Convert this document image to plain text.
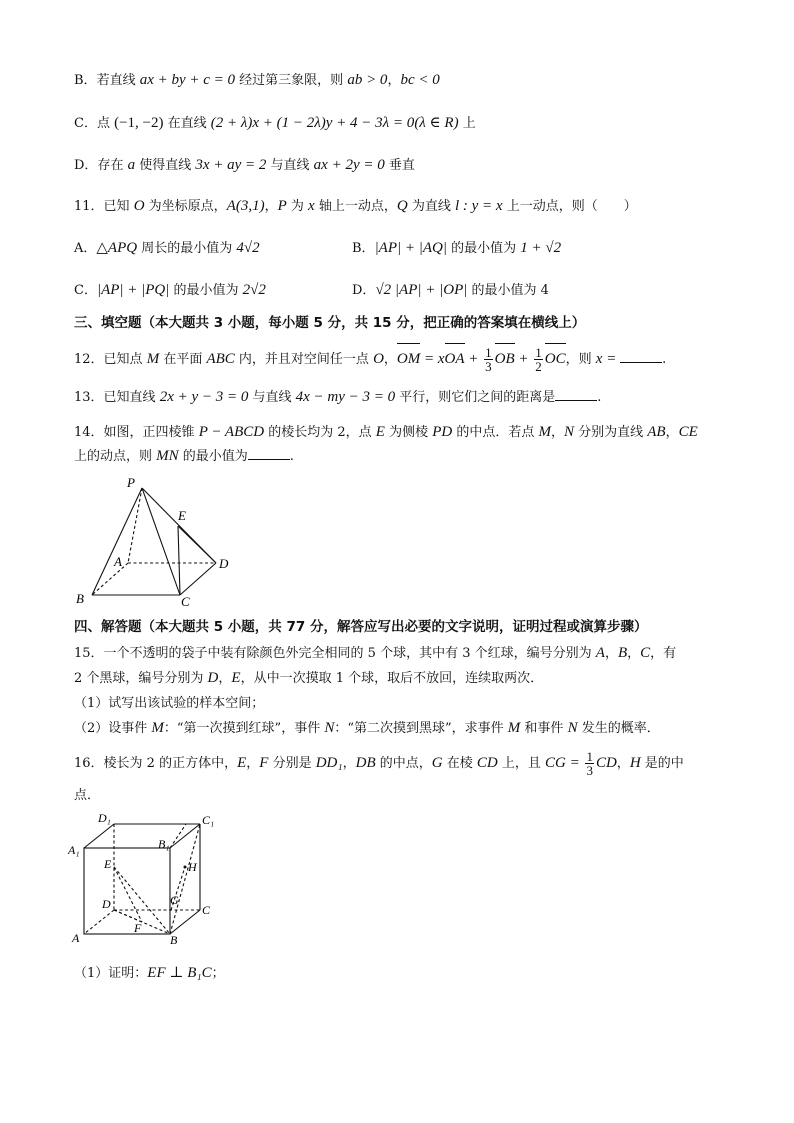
B．若直线 ax + by + c = 0 经过第三象限，则 ab > 0，bc < 0
C．点 (−1, −2) 在直线 (2 + λ)x + (1 − 2λ)y + 4 − 3λ = 0(λ ∈ R) 上
D．存在 a 使得直线 3x + ay = 2 与直线 ax + 2y = 0 垂直
11．已知 O 为坐标原点，A(3,1)，P 为 x 轴上一动点，Q 为直线 l : y = x 上一动点，则（　　）
A．△APQ 周长的最小值为 4√2	B．|AP| + |AQ| 的最小值为 1 + √2
C．|AP| + |PQ| 的最小值为 2√2	D．√2 |AP| + |OP| 的最小值为 4
三、填空题（本大题共 3 小题，每小题 5 分，共 15 分，把正确的答案填在横线上）
12．已知点 M 在平面 ABC 内，并且对空间任一点 O，OM = xOA + $\frac{1}{3}$ OB + $\frac{1}{2}$ OC，则 x =	.
13．已知直线 2x + y − 3 = 0 与直线 4x − my − 3 = 0 平行，则它们之间的距离是	.
14．如图，正四棱锥 P − ABCD 的棱长均为 2，点 E 为侧棱 PD 的中点．若点 M，N 分别为直线 AB，CE
上的动点，则 MN 的最小值为	.
P
E
A	D
B	C
四、解答题（本大题共 5 小题，共 77 分，解答应写出必要的文字说明，证明过程或演算步骤）
15．一个不透明的袋子中装有除颜色外完全相同的 5 个球，其中有 3 个红球，编号分别为 A，B，C，有
2 个黑球，编号分别为 D，E，从中一次摸取 1 个球，取后不放回，连续取两次．
（1）试写出该试验的样本空间；
（2）设事件 M：“第一次摸到红球”，事件 N：“第二次摸到黑球”，求事件 M 和事件 N 发生的概率．
16．棱长为 2 的正方体中，E，F 分别是 DD₁，DB 的中点，G 在棱 CD 上，且 CG = $\frac{1}{3}$ CD，H 是的中
点．
D₁	C₁
A₁	B₁
E	H
D	G
C
A
F
B
（1）证明：EF ⊥ B₁C；
